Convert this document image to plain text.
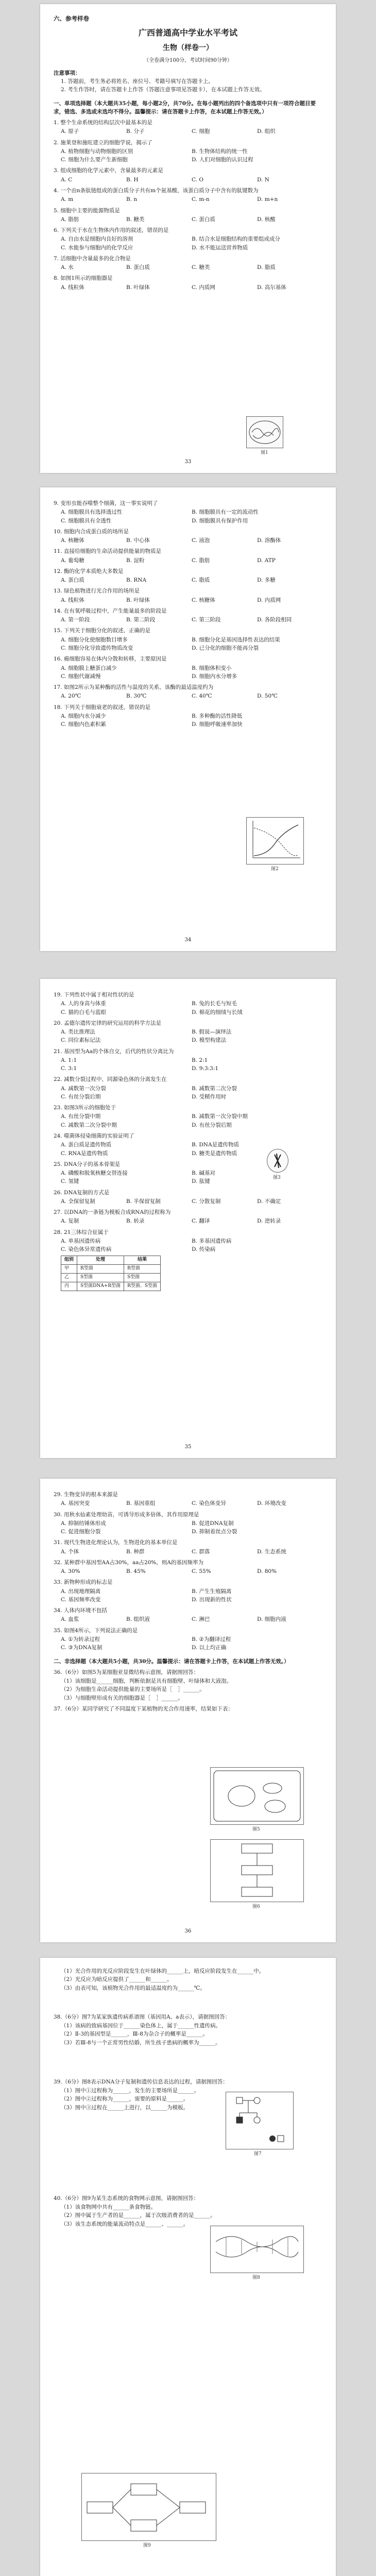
六、参考样卷
广西普通高中学业水平考试
生物（样卷一）
（全卷满分100分，考试时间90分钟）
注意事项：
1. 答题前，考生务必将姓名、座位号、考籍号填写在答题卡上。
2. 考生作答时，请在答题卡上作答（答题注意事项见答题卡），在本试题上作答无效。
一、单项选择题（本大题共35小题，每小题2分，共70分。在每小题列出的四个备选项中只有一项符合题目要求，错选、多选或未选均不得分。温馨提示：请在答题卡上作答，在本试题上作答无效。）
1. 整个生命系统的结构层次中最基本的是
A. 原子	B. 分子	C. 细胞	D. 组织
2. 施莱登和施旺建立的细胞学说，揭示了
A. 植物细胞与动物细胞的区别	B. 生物体结构的统一性
C. 细胞为什么要产生新细胞	D. 人们对细胞的认识过程
3. 组成细胞的化学元素中，含量最多的元素是
A. C	B. H	C. O	D. N
4. 一个由n条肽链组成的蛋白质分子共有m个氨基酸，该蛋白质分子中含有的肽键数为
A. m	B. n	C. m-n	D. m+n
5. 细胞中主要的能源物质是
A. 脂肪	B. 糖类	C. 蛋白质	D. 核酸
6. 下列关于水在生物体内作用的叙述，错误的是
A. 自由水是细胞内良好的溶剂	B. 结合水是细胞结构的重要组成成分
C. 水能参与细胞内的化学反应	D. 水不能运送营养物质
7. 活细胞中含量最多的化合物是
A. 水	B. 蛋白质	C. 糖类	D. 脂质
8. 如图1所示的细胞器是
A. 线粒体	B. 叶绿体	C. 内质网	D. 高尔基体
图1
33
9. 变形虫能吞噬整个细菌，这一事实说明了
A. 细胞膜具有选择透过性	B. 细胞膜具有一定的流动性
C. 细胞膜具有全透性	D. 细胞膜具有保护作用
10. 细胞内合成蛋白质的场所是
A. 核糖体	B. 中心体	C. 液泡	D. 溶酶体
11. 直接给细胞的生命活动提供能量的物质是
A. 葡萄糖	B. 淀粉	C. 脂肪	D. ATP
12. 酶的化学本质绝大多数是
A. 蛋白质	B. RNA	C. 脂质	D. 多糖
13. 绿色植物进行光合作用的场所是
A. 线粒体	B. 叶绿体	C. 核糖体	D. 内质网
14. 在有氧呼吸过程中，产生能量最多的阶段是
A. 第一阶段	B. 第二阶段	C. 第三阶段	D. 各阶段相同
15. 下列关于细胞分化的叙述，正确的是
A. 细胞分化使细胞数目增多	B. 细胞分化是基因选择性表达的结果
C. 细胞分化导致遗传物质改变	D. 已分化的细胞不能再分裂
16. 癌细胞容易在体内分散和转移，主要原因是
A. 细胞膜上糖蛋白减少	B. 细胞体积变小
C. 细胞代谢减慢	D. 细胞内水分增多
17. 如图2所示为某种酶的活性与温度的关系，该酶的最适温度约为
A. 20℃	B. 30℃	C. 40℃	D. 50℃
18. 下列关于细胞衰老的叙述，错误的是
A. 细胞内水分减少	B. 多种酶的活性降低
C. 细胞内色素积累	D. 细胞呼吸速率加快
图2
34
19. 下列性状中属于相对性状的是
A. 人的身高与体重	B. 兔的长毛与短毛
C. 猫的白毛与蓝眼	D. 棉花的细绒与长绒
20. 孟德尔遗传定律的研究运用的科学方法是
A. 类比推理法	B. 假说—演绎法
C. 同位素标记法	D. 模型构建法
21. 基因型为Aa的个体自交，后代的性状分离比为
A. 1:1	B. 2:1
C. 3:1	D. 9:3:3:1
22. 减数分裂过程中，同源染色体的分离发生在
A. 减数第一次分裂	B. 减数第二次分裂
C. 有丝分裂后期	D. 受精作用时
23. 如图3所示的细胞处于
A. 有丝分裂中期	B. 减数第一次分裂中期
C. 减数第二次分裂中期	D. 有丝分裂后期
24. 噬菌体侵染细菌的实验证明了
A. 蛋白质是遗传物质	B. DNA是遗传物质
C. RNA是遗传物质	D. 糖类是遗传物质
25. DNA分子的基本骨架是
A. 磷酸和脱氧核糖交替连接	B. 碱基对
C. 氢键	D. 肽键
26. DNA复制的方式是
A. 全保留复制	B. 半保留复制	C. 分散复制	D. 不确定
27. 以DNA的一条链为模板合成RNA的过程称为
A. 复制	B. 转录	C. 翻译	D. 逆转录
28. 21三体综合征属于
A. 单基因遗传病	B. 多基因遗传病
C. 染色体异常遗传病	D. 传染病
组别	处理	结果
甲	R型菌	R型菌
乙	S型菌	S型菌
丙	S型菌DNA+R型菌	R型菌、S型菌
图3
35
29. 生物变异的根本来源是
A. 基因突变	B. 基因重组	C. 染色体变异	D. 环境改变
30. 用秋水仙素处理幼苗，可诱导形成多倍体，其作用原理是
A. 抑制纺锤体形成	B. 促进DNA复制
C. 促进细胞分裂	D. 抑制着丝点分裂
31. 现代生物进化理论认为，生物进化的基本单位是
A. 个体	B. 种群	C. 群落	D. 生态系统
32. 某种群中基因型AA占30%，aa占20%，则A的基因频率为
A. 30%	B. 45%	C. 55%	D. 80%
33. 新物种形成的标志是
A. 出现地理隔离	B. 产生生殖隔离
C. 基因频率改变	D. 出现新的性状
34. 人体内环境不包括
A. 血浆	B. 组织液	C. 淋巴	D. 细胞内液
35. 如图4所示，下列说法正确的是
A. ①为转录过程	B. ②为翻译过程
C. ③为DNA复制	D. 以上均正确
二、非选择题（本大题共5小题，共30分。温馨提示：请在答题卡上作答，在本试题上作答无效。）
36.（6分）如图5为某细胞亚显微结构示意图，请据图回答：
（1）该细胞是______细胞，判断依据是具有细胞壁、叶绿体和大液泡。
（2）为细胞生命活动提供能量的主要场所是［　］______。
（3）与细胞壁形成有关的细胞器是［　］______。
37.（6分）某同学研究了不同温度下某植物的光合作用速率，结果如下表：
图5
图6
36
（1）光合作用的光反应阶段发生在叶绿体的______上，暗反应阶段发生在______中。
（2）光反应为暗反应提供了______和______。
（3）由表可知，该植物光合作用的最适温度约为______℃。
38.（6分）图7为某家族遗传病系谱图（基因用A、a表示），请据图回答：
（1）该病的致病基因位于______染色体上，属于______性遗传病。
（2）Ⅱ-3的基因型是______，Ⅲ-8为杂合子的概率是______。
（3）若Ⅲ-8与一个正常男性结婚，所生孩子患病的概率为______。
图7
39.（6分）图8表示DNA分子复制和遗传信息表达的过程，请据图回答：
（1）图中①过程称为______，发生的主要场所是______。
（2）图中②过程称为______，需要的原料是______。
（3）图中③过程在______上进行，以______为模板。
图8
40.（6分）图9为某生态系统的食物网示意图，请据图回答：
（1）该食物网中共有______条食物链。
（2）图中属于生产者的是______，属于次级消费者的是______。
（3）该生态系统的能量流动特点是______、______。
图9
